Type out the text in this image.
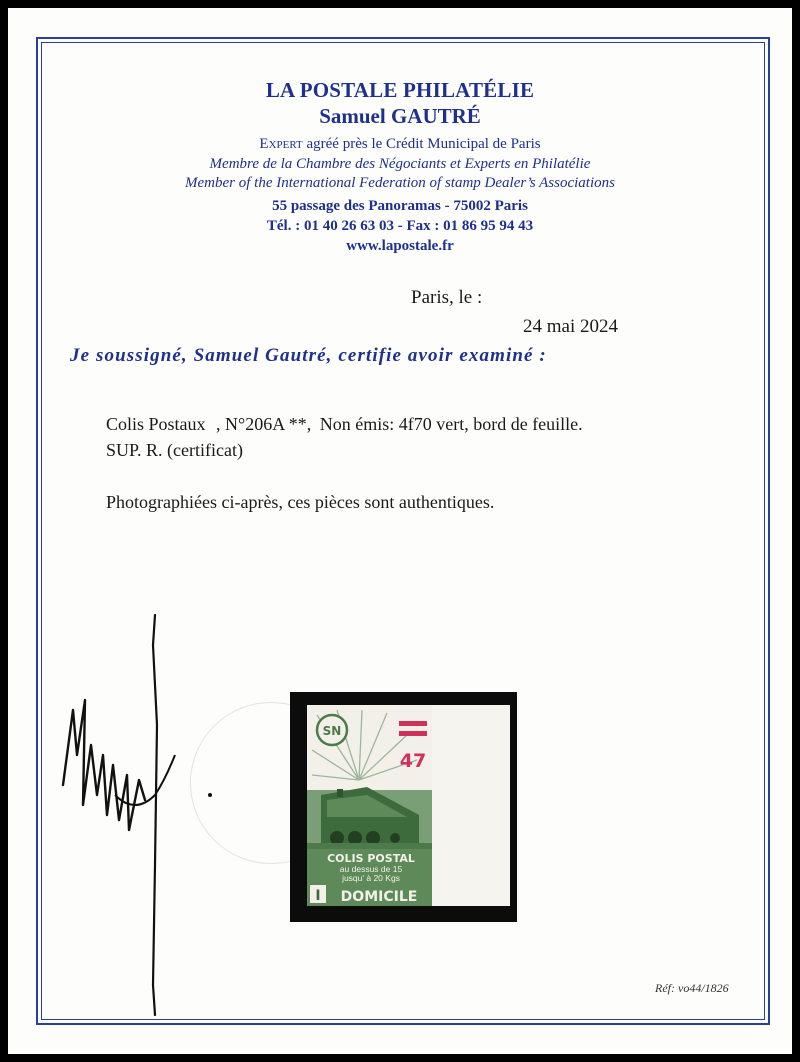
LA POSTALE PHILATÉLIE
Samuel GAUTRÉ
Expert agréé près le Crédit Municipal de Paris
Membre de la Chambre des Négociants et Experts en Philatélie
Member of the International Federation of stamp Dealer’s Associations
55 passage des Panoramas - 75002 Paris
Tél. : 01 40 26 63 03 - Fax : 01 86 95 94 43
www.lapostale.fr
Paris, le :
24 mai 2024
Je soussigné, Samuel Gautré, certifie avoir examiné :
Colis Postaux , N°206A **, Non émis: 4f70 vert, bord de feuille.
SUP. R. (certificat)
Photographiées ci-après, ces pièces sont authentiques.
SN
47
COLIS POSTAL
au dessus de 15
jusqu' à 20 Kgs
I DOMICILE
Réf: vo44/1826
